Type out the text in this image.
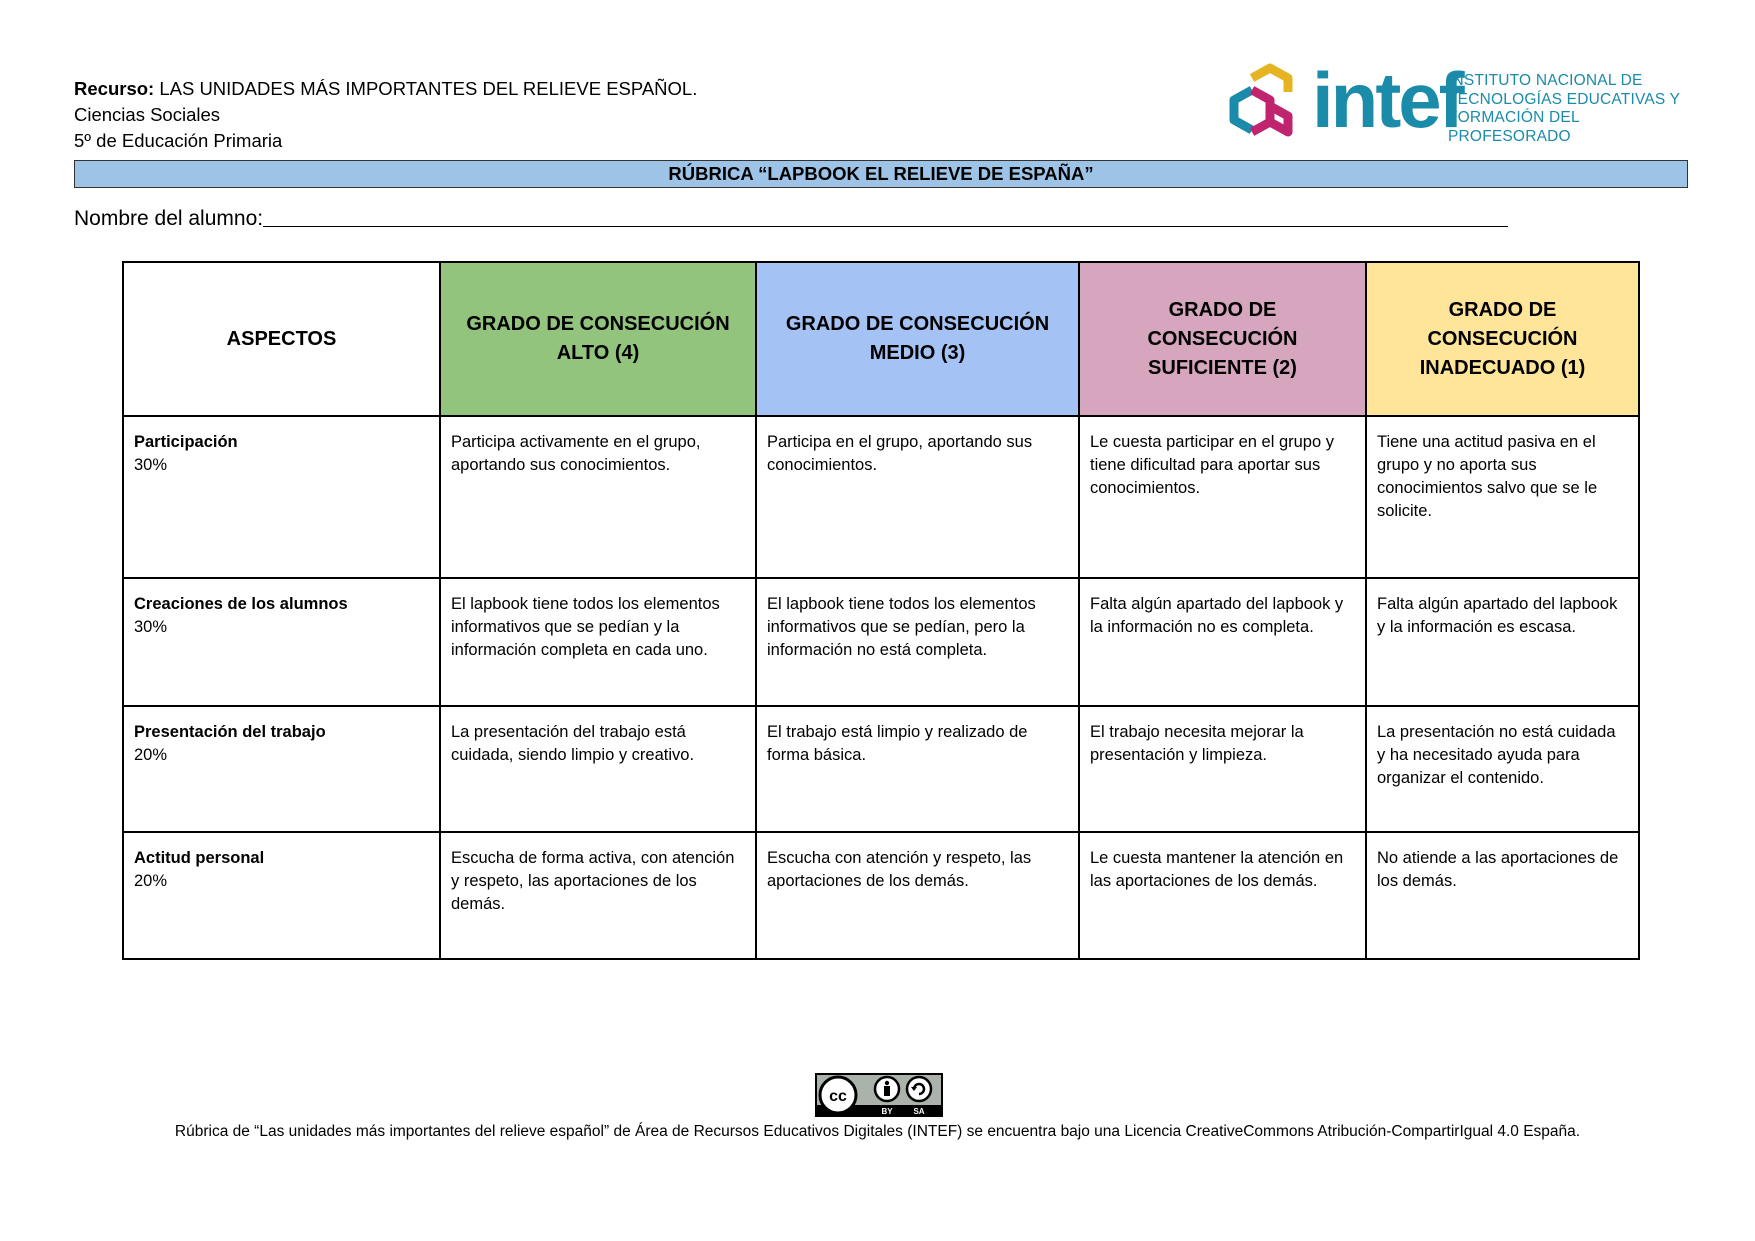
Recurso: LAS UNIDADES MÁS IMPORTANTES DEL RELIEVE ESPAÑOL.
Ciencias Sociales
5º de Educación Primaria	intef
INSTITUTO NACIONAL DE
TECNOLOGÍAS EDUCATIVAS Y
FORMACIÓN DEL PROFESORADO
RÚBRICA “LAPBOOK EL RELIEVE DE ESPAÑA”
Nombre del alumno:
ASPECTOS	GRADO DE CONSECUCIÓN ALTO (4)	GRADO DE CONSECUCIÓN MEDIO (3)	GRADO DE CONSECUCIÓN SUFICIENTE (2)	GRADO DE CONSECUCIÓN INADECUADO (1)

Participación
30%	Participa activamente en el grupo, aportando sus conocimientos.	Participa en el grupo, aportando sus conocimientos.	Le cuesta participar en el grupo y tiene dificultad para aportar sus conocimientos.	Tiene una actitud pasiva en el grupo y no aporta sus conocimientos salvo que se le solicite.

Creaciones de los alumnos
30%	El lapbook tiene todos los elementos informativos que se pedían y la información completa en cada uno.	El lapbook tiene todos los elementos informativos que se pedían, pero la información no está completa.	Falta algún apartado del lapbook y la información no es completa.	Falta algún apartado del lapbook y la información es escasa.

Presentación del trabajo
20%	La presentación del trabajo está cuidada, siendo limpio y creativo.	El trabajo está limpio y realizado de forma básica.	El trabajo necesita mejorar la presentación y limpieza.	La presentación no está cuidada y ha necesitado ayuda para organizar el contenido.

Actitud personal
20%	Escucha de forma activa, con atención y respeto, las aportaciones de los demás.	Escucha con atención y respeto, las aportaciones de los demás.	Le cuesta mantener la atención en las aportaciones de los demás.	No atiende a las aportaciones de los demás.
cc
BY	SA
Rúbrica de “Las unidades más importantes del relieve español” de Área de Recursos Educativos Digitales (INTEF) se encuentra bajo una Licencia CreativeCommons Atribución-CompartirIgual 4.0 España.
